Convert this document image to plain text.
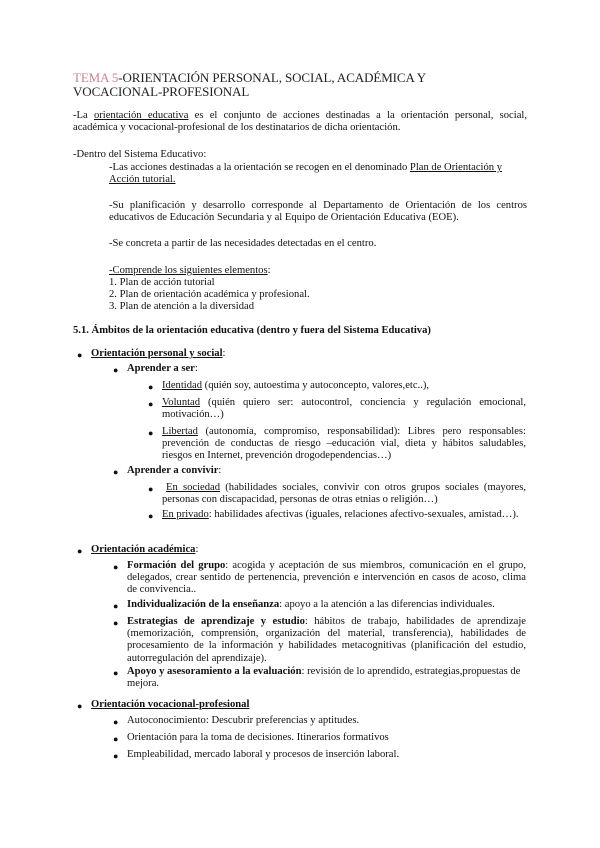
TEMA 5-ORIENTACIÓN PERSONAL, SOCIAL, ACADÉMICA Y
VOCACIONAL-PROFESIONAL
-La orientación educativa es el conjunto de acciones destinadas a la orientación personal, social, académica y vocacional-profesional de los destinatarios de dicha orientación.
-Dentro del Sistema Educativo:
-Las acciones destinadas a la orientación se recogen en el denominado Plan de Orientación y Acción tutorial.
-Su planificación y desarrollo corresponde al Departamento de Orientación de los centros educativos de Educación Secundaria y al Equipo de Orientación Educativa (EOE).
-Se concreta a partir de las necesidades detectadas en el centro.
-Comprende los siguientes elementos:
1. Plan de acción tutorial
2. Plan de orientación académica y profesional.
3. Plan de atención a la diversidad
5.1. Ámbitos de la orientación educativa (dentro y fuera del Sistema Educativa)
● Orientación personal y social:
● Aprender a ser:
● Identidad (quién soy, autoestima y autoconcepto, valores,etc..),
● Voluntad (quién quiero ser: autocontrol, conciencia y regulación emocional, motivación…)
● Libertad (autonomía, compromiso, responsabilidad): Libres pero responsables: prevención de conductas de riesgo –educación vial, dieta y hábitos saludables, riesgos en Internet, prevención drogodependencias…)
● Aprender a convivir:
●	En sociedad (habilidades sociales, convivir con otros grupos sociales (mayores, personas con discapacidad, personas de otras etnias o religión…)
● En privado: habilidades afectivas (iguales, relaciones afectivo-sexuales, amistad…).
● Orientación académica:
● Formación del grupo: acogida y aceptación de sus miembros, comunicación en el grupo, delegados, crear sentido de pertenencia, prevención e intervención en casos de acoso, clima de convivencia..
● Individualización de la enseñanza: apoyo a la atención a las diferencias individuales.
● Estrategias de aprendizaje y estudio: hábitos de trabajo, habilidades de aprendizaje (memorización, comprensión, organización del material, transferencia), habilidades de procesamiento de la información y habilidades metacognitivas (planificación del estudio, autorregulación del aprendizaje).
● Apoyo y asesoramiento a la evaluación: revisión de lo aprendido, estrategias,propuestas de mejora.
● Orientación vocacional-profesional
● Autoconocimiento: Descubrir preferencias y aptitudes.
● Orientación para la toma de decisiones. Itinerarios formativos
● Empleabilidad, mercado laboral y procesos de inserción laboral.
